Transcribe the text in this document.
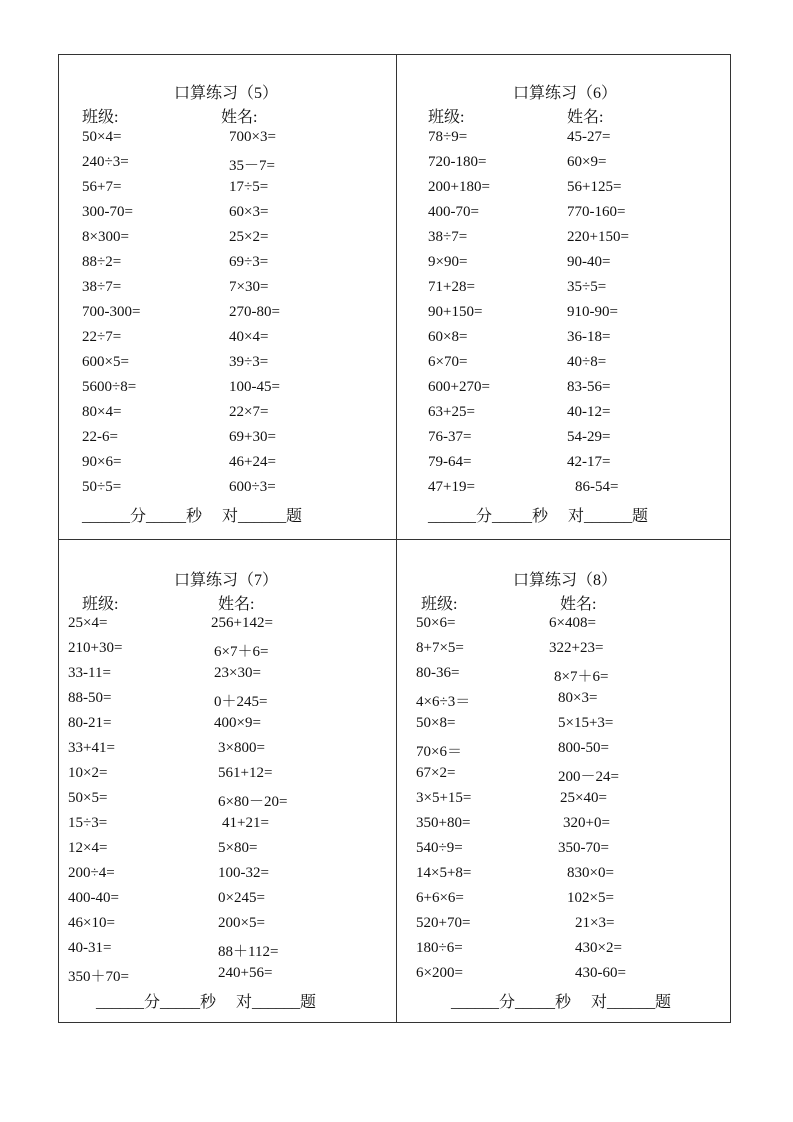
口算练习（5）
班级:	姓名:
50×4=	700×3=
240÷3=	35－7=
56+7=	17÷5=
300-70=	60×3=
8×300=	25×2=
88÷2=	69÷3=
38÷7=	7×30=
700-300=	270-80=
22÷7=	40×4=
600×5=	39÷3=
5600÷8=	100-45=
80×4=	22×7=
22-6=	69+30=
90×6=	46+24=
50÷5=	600÷3=
______分_____秒　 对______题
口算练习（6）
班级:	姓名:
78÷9=	45-27=
720-180=	60×9=
200+180=	56+125=
400-70=	770-160=
38÷7=	220+150=
9×90=	90-40=
71+28=	35÷5=
90+150=	910-90=
60×8=	36-18=
6×70=	40÷8=
600+270=	83-56=
63+25=	40-12=
76-37=	54-29=
79-64=	42-17=
47+19=	86-54=
______分_____秒　 对______题
口算练习（7）
班级:	姓名:
25×4=	256+142=
210+30=	6×7＋6=
33-11=	23×30=
88-50=	0＋245=
80-21=	400×9=
33+41=	3×800=
10×2=	561+12=
50×5=	6×80－20=
15÷3=	41+21=
12×4=	5×80=
200÷4=	100-32=
400-40=	0×245=
46×10=	200×5=
40-31=	88＋112=
350＋70=	240+56=
______分_____秒　 对______题
口算练习（8）
班级:	姓名:
50×6=	6×408=
8+7×5=	322+23=
80-36=	8×7＋6=
4×6÷3＝	80×3=
50×8=	5×15+3=
70×6＝	800-50=
67×2=	200－24=
3×5+15=	25×40=
350+80=	320+0=
540÷9=	350-70=
14×5+8=	830×0=
6+6×6=	102×5=
520+70=	21×3=
180÷6=	430×2=
6×200=	430-60=
______分_____秒　 对______题
